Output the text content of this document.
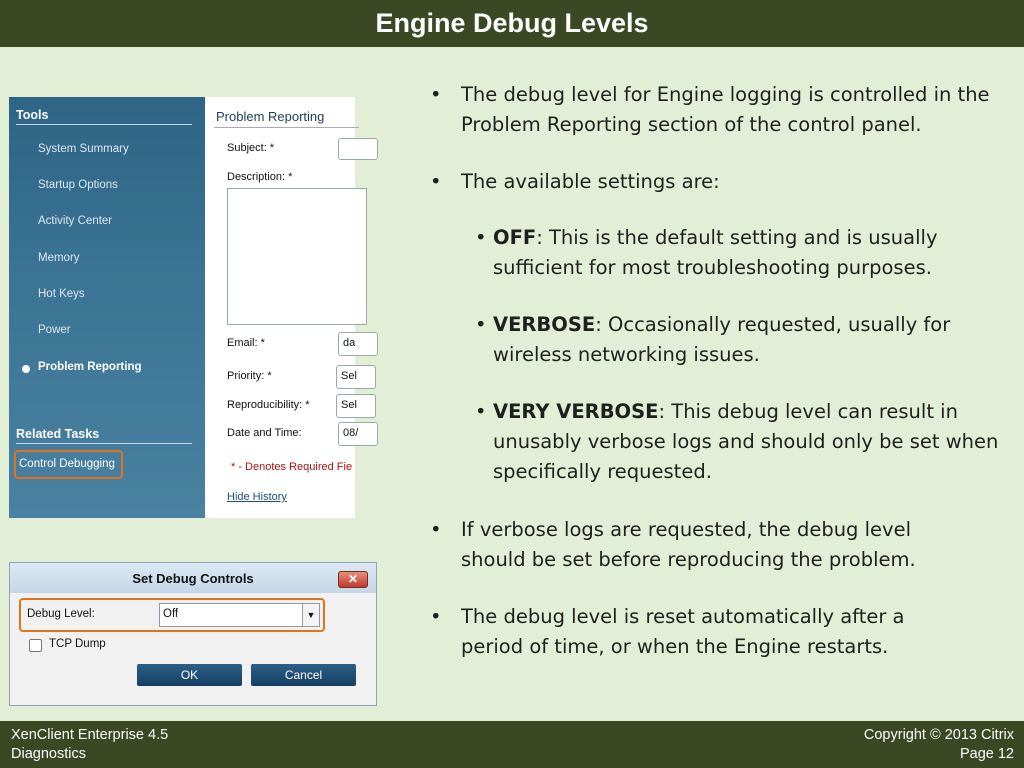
Engine Debug Levels
Tools
System Summary
Startup Options
Activity Center
Memory
Hot Keys
Power
Problem Reporting
Related Tasks
Control Debugging
Problem Reporting
Subject: *
Description: *
Email: *	da
Priority: *	Sel
Reproducibility: *	Sel
Date and Time:	08/
* - Denotes Required Fie
Hide History
Set Debug Controls	✕
Debug Level:	Off	▼
TCP Dump
OK	Cancel
• The debug level for Engine logging is controlled in the Problem Reporting section of the control panel.
• The available settings are:
• OFF: This is the default setting and is usually sufficient for most troubleshooting purposes.
• VERBOSE: Occasionally requested, usually for wireless networking issues.
• VERY VERBOSE: This debug level can result in unusably verbose logs and should only be set when specifically requested.
• If verbose logs are requested, the debug level should be set before reproducing the problem.
• The debug level is reset automatically after a period of time, or when the Engine restarts.
XenClient Enterprise 4.5
Diagnostics
Copyright © 2013 Citrix
Page 12
